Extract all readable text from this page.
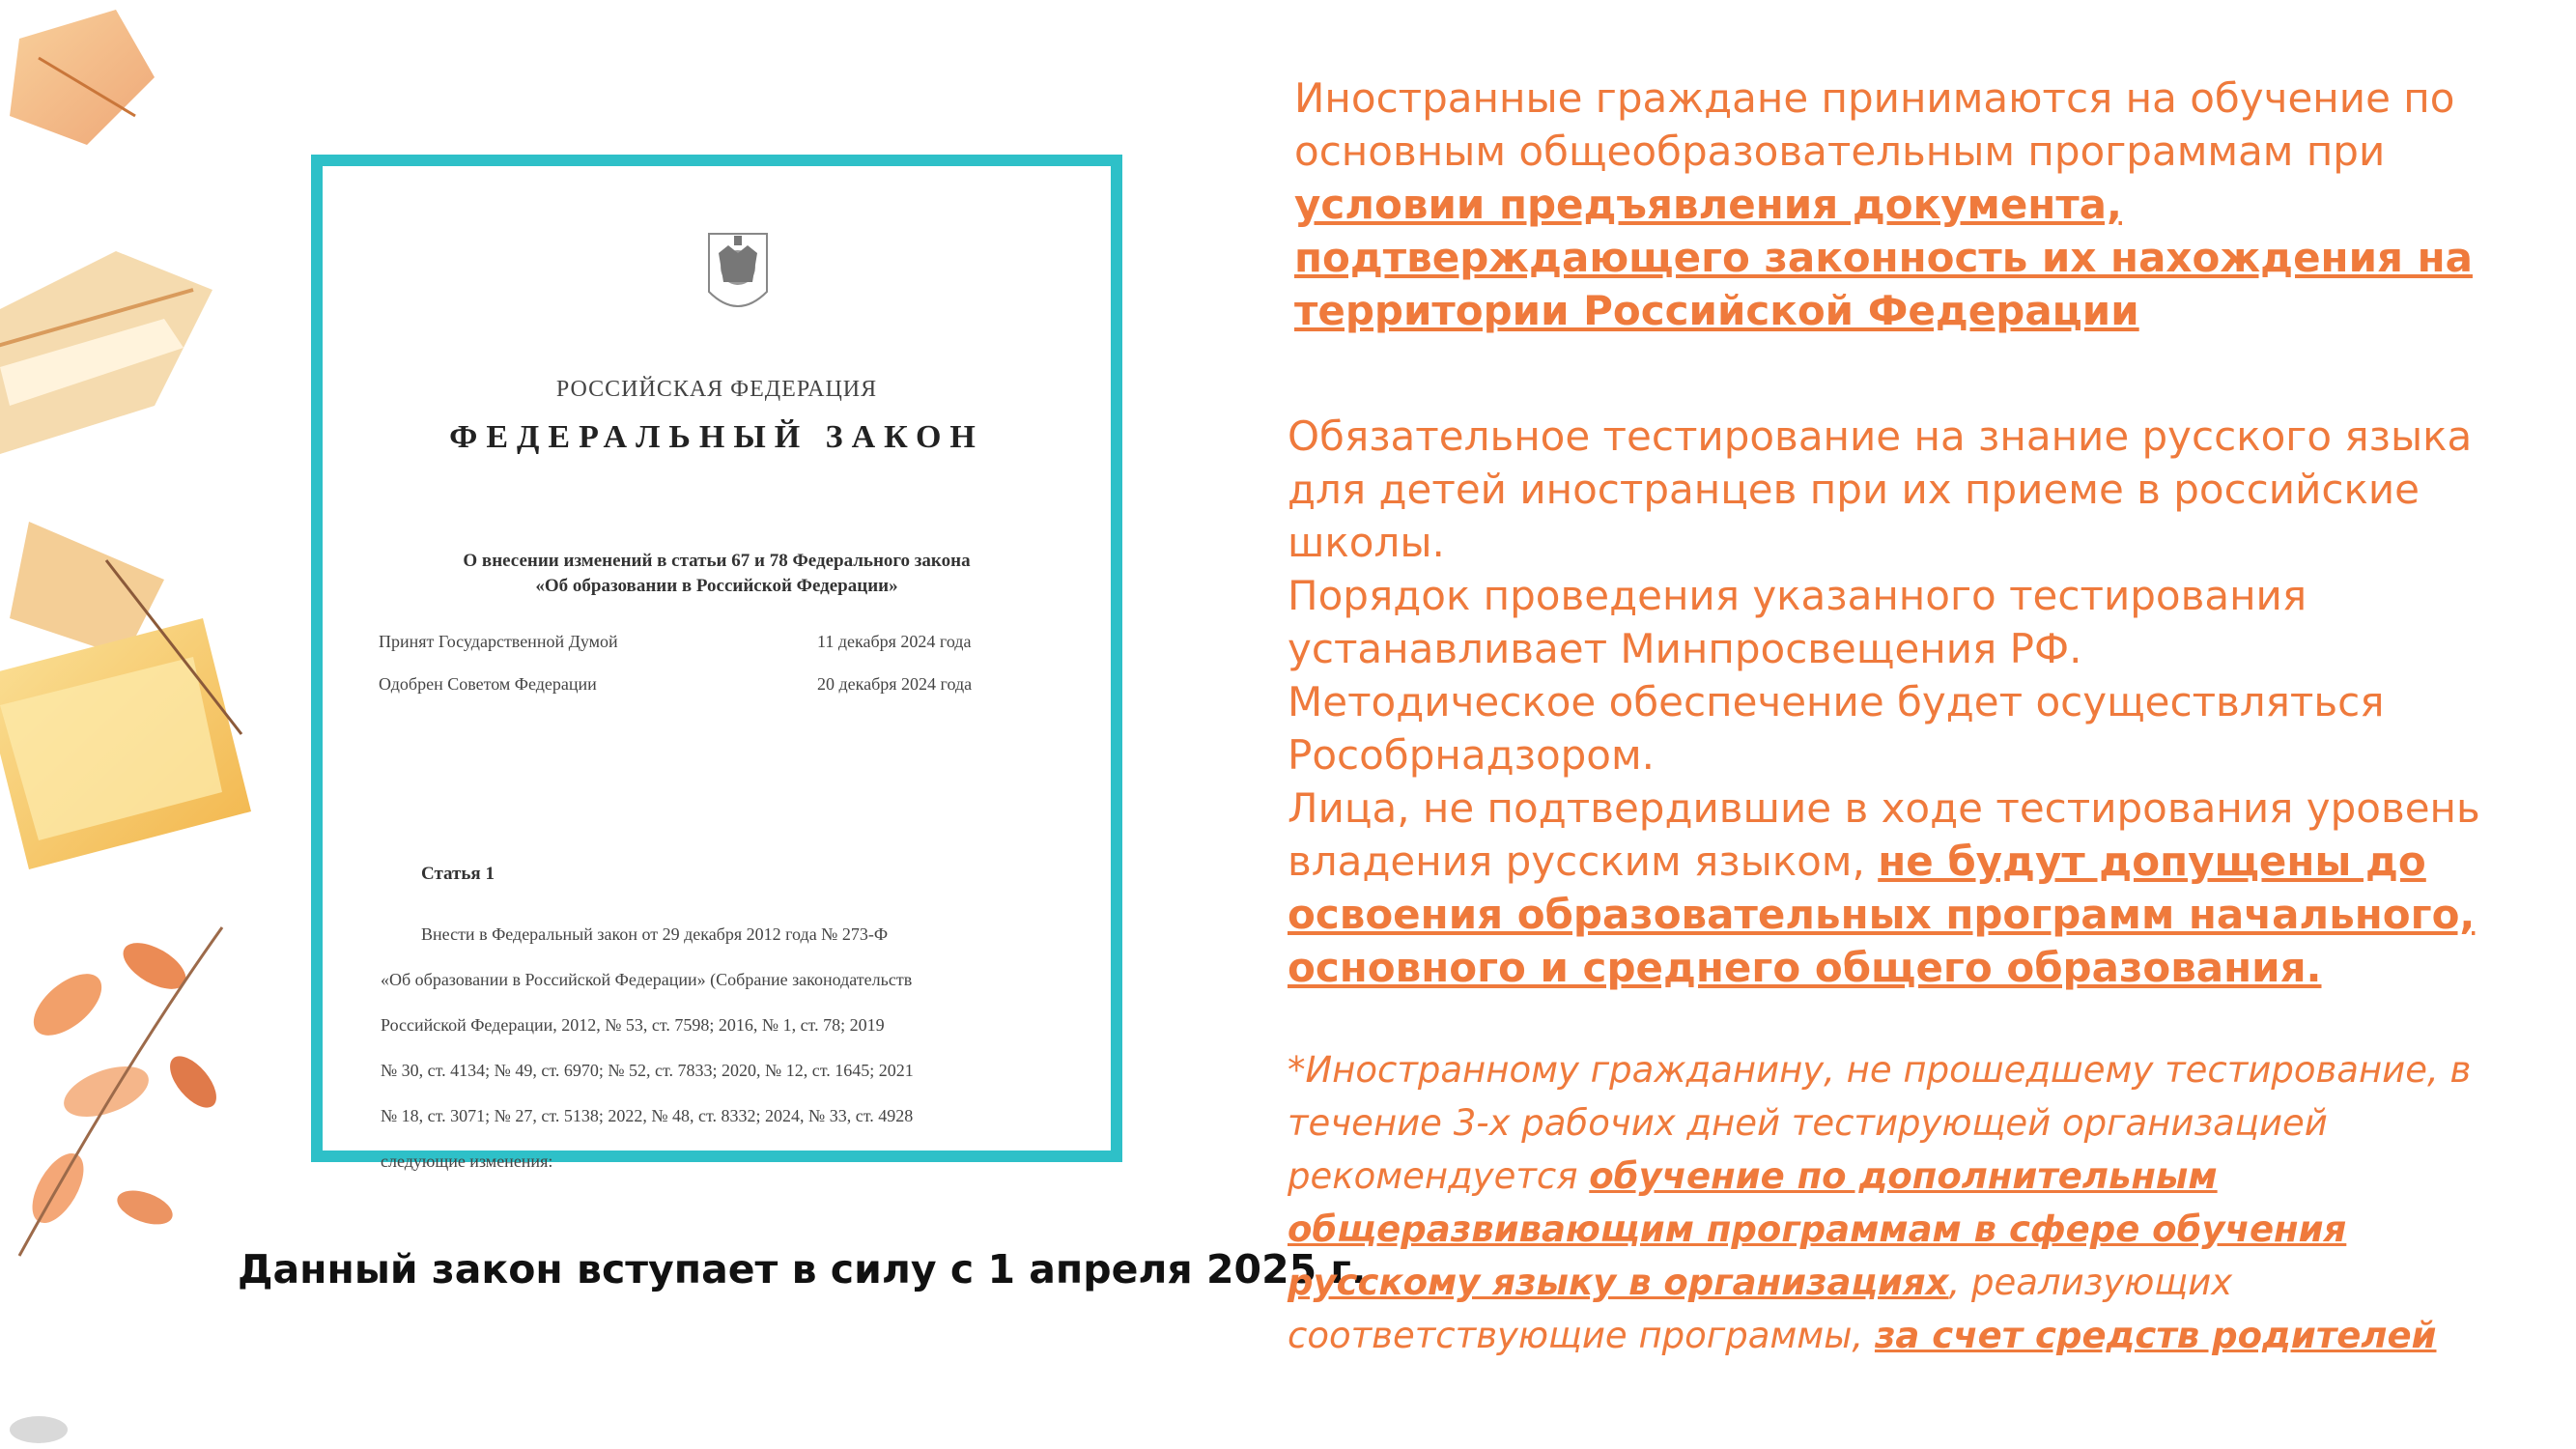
РОССИЙСКАЯ ФЕДЕРАЦИЯ
ФЕДЕРАЛЬНЫЙ ЗАКОН
О внесении изменений в статьи 67 и 78 Федерального закона
«Об образовании в Российской Федерации»
Принят Государственной Думой	11 декабря 2024 года
Одобрен Советом Федерации	20 декабря 2024 года
Статья 1

Внести в Федеральный закон от 29 декабря 2012 года № 273-Ф

«Об образовании в Российской Федерации» (Собрание законодательств

Российской Федерации, 2012, № 53, ст. 7598; 2016, № 1, ст. 78; 2019

№ 30, ст. 4134; № 49, ст. 6970; № 52, ст. 7833; 2020, № 12, ст. 1645; 2021

№ 18, ст. 3071; № 27, ст. 5138; 2022, № 48, ст. 8332; 2024, № 33, ст. 4928

следующие изменения:

Данный закон вступает в силу с 1 апреля 2025 г.
Иностранные граждане принимаются на обучение по основным общеобразовательным программам при условии предъявления документа, подтверждающего законность их нахождения на территории Российской Федерации
Обязательное тестирование на знание русского языка для детей иностранцев при их приеме в российские школы.
Порядок проведения указанного тестирования устанавливает Минпросвещения РФ.
Методическое обеспечение будет осуществляться Рособрнадзором.
Лица, не подтвердившие в ходе тестирования уровень владения русским языком, не будут допущены до освоения образовательных программ начального, основного и среднего общего образования.
*Иностранному гражданину, не прошедшему тестирование, в течение 3-х рабочих дней тестирующей организацией рекомендуется обучение по дополнительным общеразвивающим программам в сфере обучения русскому языку в организациях, реализующих соответствующие программы, за счет средств родителей
